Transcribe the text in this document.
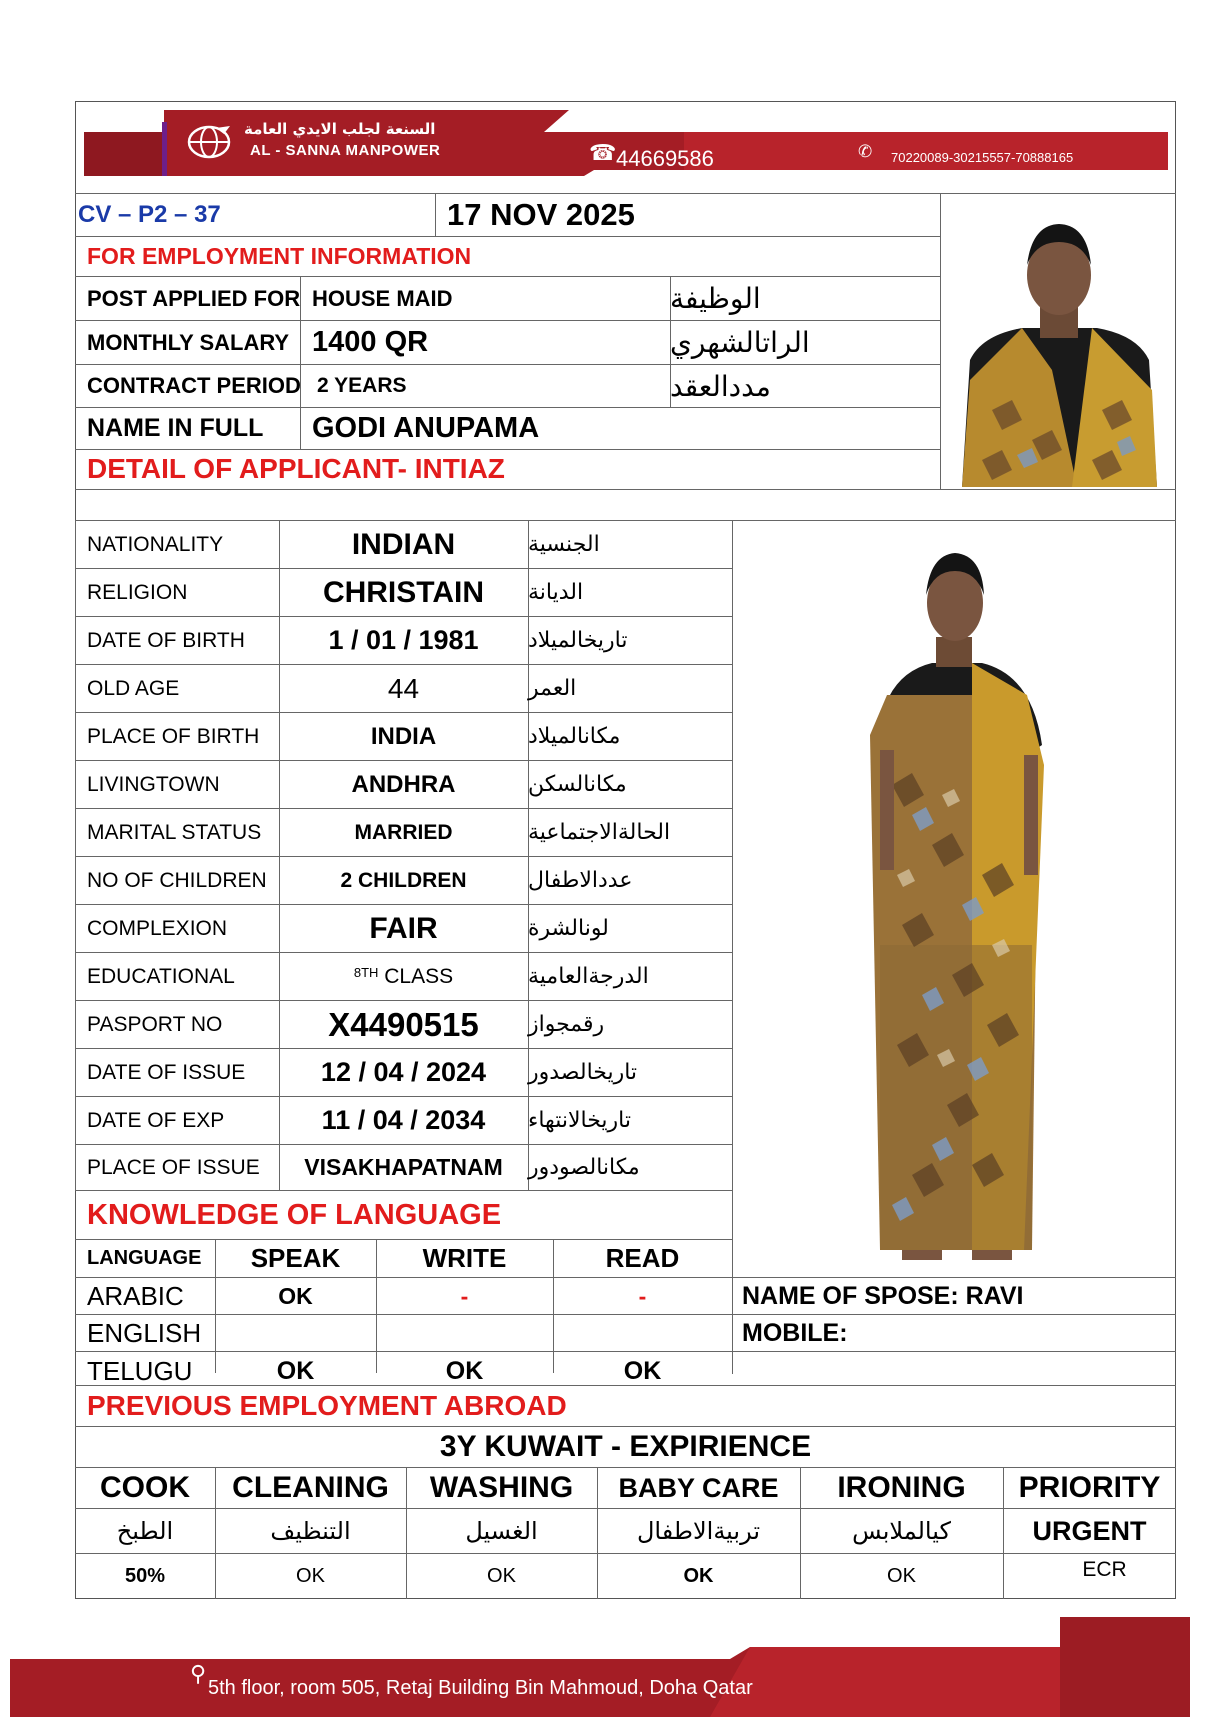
السنعة لجلب الايدي العامة
AL - SANNA MANPOWER	☎ 44669586	✆ 70220089-30215557-70888165
CV – P2 – 37	17 NOV 2025
FOR EMPLOYMENT INFORMATION
POST APPLIED FOR HOUSE MAID	الوظيفة
MONTHLY SALARY 1400 QR	الراتالشهري
CONTRACT PERIOD 2 YEARS	مددالعقد
NAME IN FULL	GODI ANUPAMA
DETAIL OF APPLICANT- INTIAZ
NATIONALITY	INDIAN	الجنسية
RELIGION	CHRISTAIN	الديانة
DATE OF BIRTH	1 / 01 / 1981	تاريخالميلاد
OLD AGE	44	العمر
PLACE OF BIRTH	INDIA	مكانالميلاد
LIVINGTOWN	ANDHRA	مكانالسكن
MARITAL STATUS	MARRIED	الحالةالاجتماعية
NO OF CHILDREN	2 CHILDREN	عددالاطفال
COMPLEXION	FAIR	لونالشرة
EDUCATIONAL	$^{8TH}$ CLASS	الدرجةالعامية
PASPORT NO	X4490515	رقمجواز
DATE OF ISSUE	12 / 04 / 2024	تاريخالصدور
DATE OF EXP	11 / 04 / 2034	تاريخالانتهاء
PLACE OF ISSUE	VISAKHAPATNAM	مكانالصودور
KNOWLEDGE OF LANGUAGE
LANGUAGE	SPEAK	WRITE	READ
ARABIC	OK	-	-
ENGLISH
TELUGU	OK	OK	OK
NAME OF SPOSE: RAVI
MOBILE:
PREVIOUS EMPLOYMENT ABROAD
3Y KUWAIT - EXPIRIENCE
COOK	CLEANING	WASHING	BABY CARE	IRONING	PRIORITY
الطبخ	التنظيف	الغسيل	تربيةالاطفال	كيالملابس	URGENT
50%	OK	OK	OK	OK	ECR
⚲
5th floor, room 505, Retaj Building Bin Mahmoud, Doha Qatar
